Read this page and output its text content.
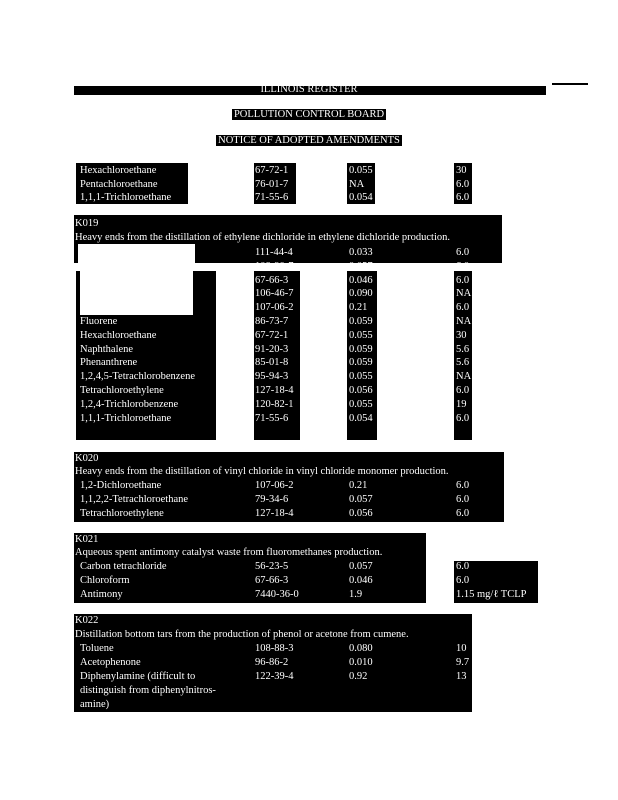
ILLINOIS REGISTER
POLLUTION CONTROL BOARD
NOTICE OF ADOPTED AMENDMENTS
Hexachloroethane	67-72-1	0.055	30
Pentachloroethane	76-01-7	NA	6.0
1,1,1-Trichloroethane	71-55-6	0.054	6.0
K019
Heavy ends from the distillation of ethylene dichloride in ethylene dichloride production.
111-44-4	0.033	6.0
108-90-7	0.057	6.0
67-66-3	0.046	6.0
106-46-7	0.090	NA
1,2-Dichloroethane	107-06-2	0.21	6.0
Fluorene	86-73-7	0.059	NA
Hexachloroethane	67-72-1	0.055	30
Naphthalene	91-20-3	0.059	5.6
Phenanthrene	85-01-8	0.059	5.6
1,2,4,5-Tetrachlorobenzene	95-94-3	0.055	NA
Tetrachloroethylene	127-18-4	0.056	6.0
1,2,4-Trichlorobenzene	120-82-1	0.055	19
1,1,1-Trichloroethane	71-55-6	0.054	6.0
K020
Heavy ends from the distillation of vinyl chloride in vinyl chloride monomer production.
1,2-Dichloroethane	107-06-2	0.21	6.0
1,1,2,2-Tetrachloroethane	79-34-6	0.057	6.0
Tetrachloroethylene	127-18-4	0.056	6.0
K021
Aqueous spent antimony catalyst waste from fluoromethanes production.
Carbon tetrachloride	56-23-5	0.057	6.0
Chloroform	67-66-3	0.046	6.0
Antimony	7440-36-0	1.9	1.15 mg/ℓ TCLP
K022
Distillation bottom tars from the production of phenol or acetone from cumene.
Toluene	108-88-3	0.080	10
Acetophenone	96-86-2	0.010	9.7
Diphenylamine (difficult to	122-39-4	0.92	13
distinguish from diphenylnitros-
amine)
